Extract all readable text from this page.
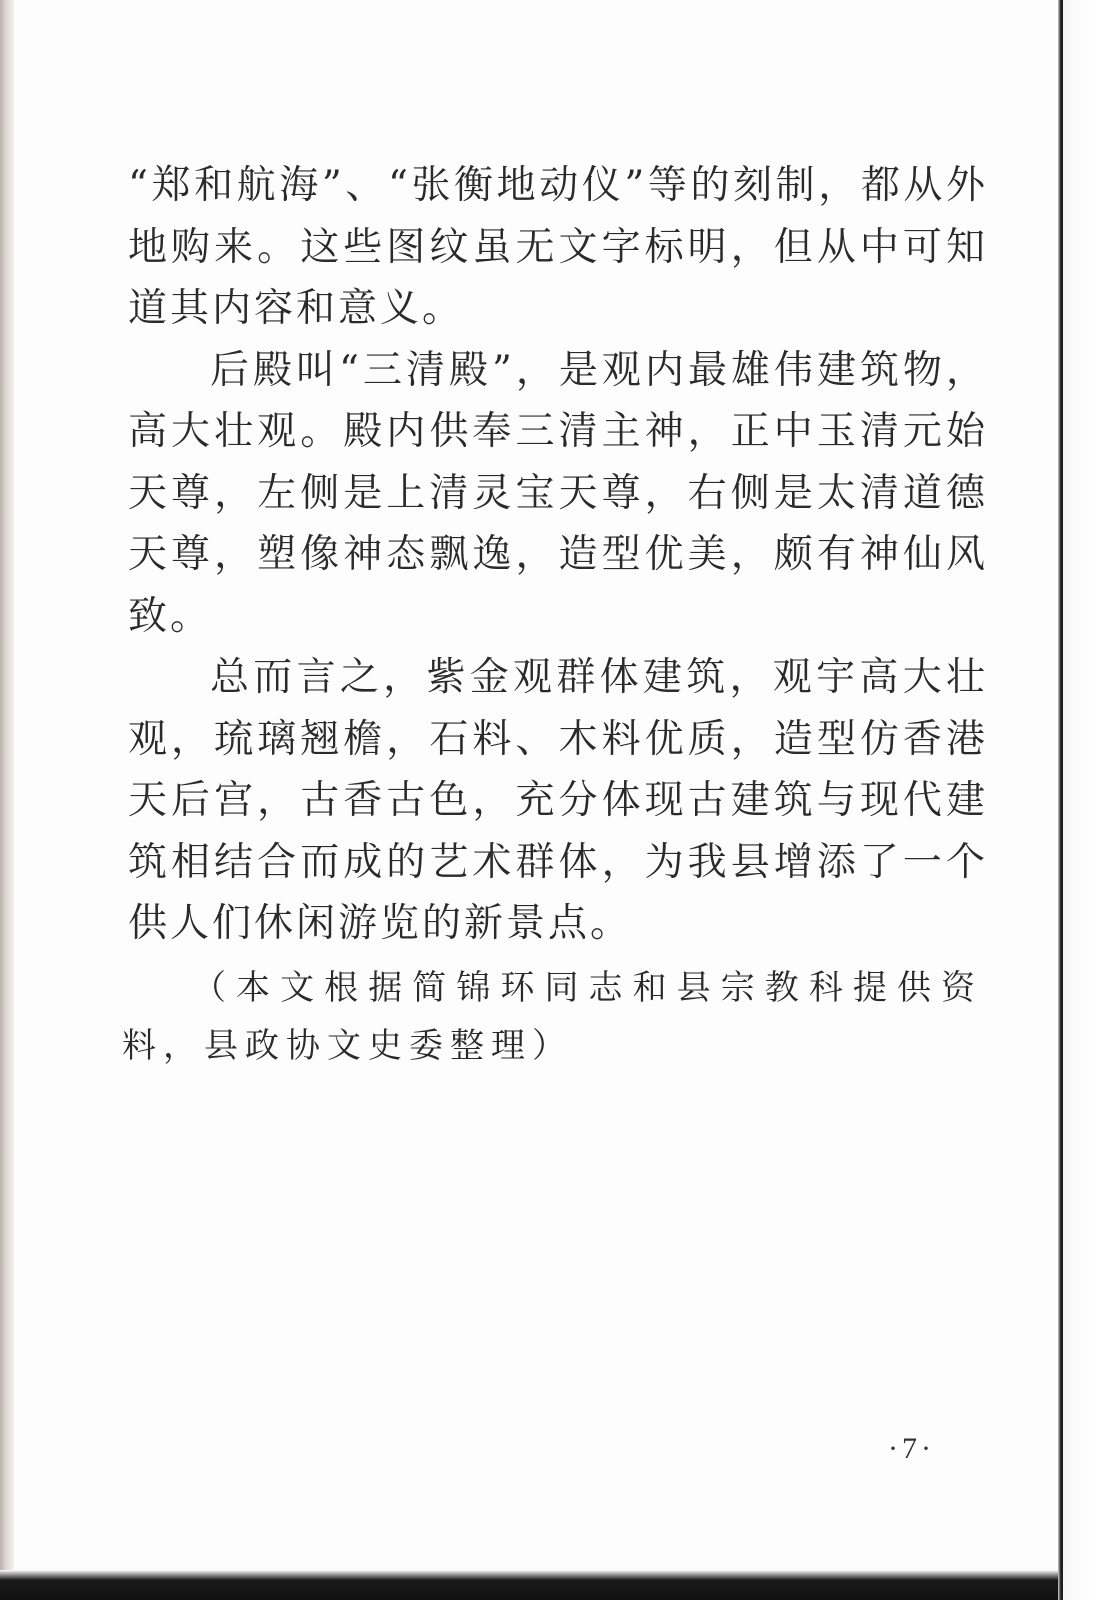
“郑和航海”、“张衡地动仪”等的刻制，都从外地购来。这些图纹虽无文字标明，但从中可知道其内容和意义。

后殿叫“三清殿”，是观内最雄伟建筑物，高大壮观。殿内供奉三清主神，正中玉清元始天尊，左侧是上清灵宝天尊，右侧是太清道德天尊，塑像神态飘逸，造型优美，颇有神仙风致。

总而言之，紫金观群体建筑，观宇高大壮观，琉璃翘檐，石料、木料优质，造型仿香港天后宫，古香古色，充分体现古建筑与现代建筑相结合而成的艺术群体，为我县增添了一个供人们休闲游览的新景点。

（本文根据简锦环同志和县宗教科提供资料，县政协文史委整理）

·7·
